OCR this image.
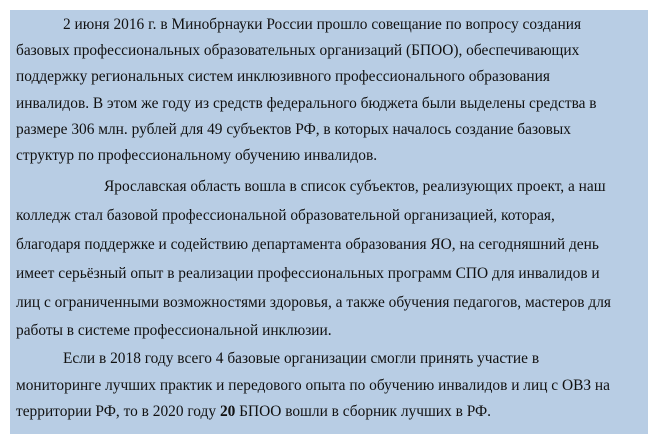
2 июня 2016 г. в Минобрнауки России прошло совещание по вопросу создания
базовых профессиональных образовательных организаций (БПОО), обеспечивающих
поддержку региональных систем инклюзивного профессионального образования
инвалидов. В этом же году из средств федерального бюджета были выделены средства в
размере 306 млн. рублей для 49 субъектов РФ, в которых началось создание базовых
структур по профессиональному обучению инвалидов.
Ярославская область вошла в список субъектов, реализующих проект, а наш
колледж стал базовой профессиональной образовательной организацией, которая,
благодаря поддержке и содействию департамента образования ЯО, на сегодняшний день
имеет серьёзный опыт в реализации профессиональных программ СПО для инвалидов и
лиц с ограниченными возможностями здоровья, а также обучения педагогов, мастеров для
работы в системе профессиональной инклюзии.
Если в 2018 году всего 4 базовые организации смогли принять участие в
мониторинге лучших практик и передового опыта по обучению инвалидов и лиц с ОВЗ на
территории РФ, то в 2020 году 20 БПОО вошли в сборник лучших в РФ.
